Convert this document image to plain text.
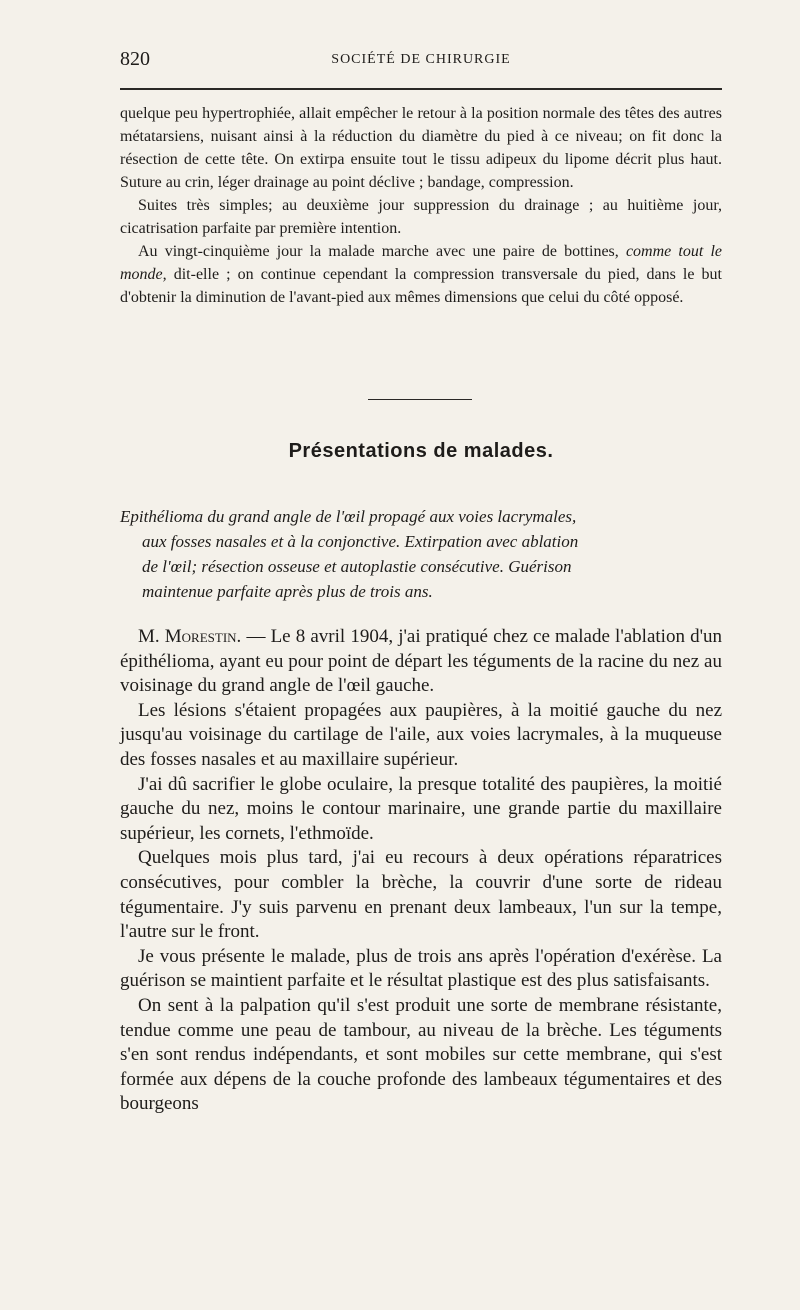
820	SOCIÉTÉ DE CHIRURGIE

quelque peu hypertrophiée, allait empêcher le retour à la position normale des têtes des autres métatarsiens, nuisant ainsi à la réduction du diamètre du pied à ce niveau; on fit donc la résection de cette tête. On extirpa ensuite tout le tissu adipeux du lipome décrit plus haut. Suture au crin, léger drainage au point déclive ; bandage, compression.

Suites très simples; au deuxième jour suppression du drainage ; au huitième jour, cicatrisation parfaite par première intention.

Au vingt-cinquième jour la malade marche avec une paire de bottines, comme tout le monde, dit-elle ; on continue cependant la compression transversale du pied, dans le but d'obtenir la diminution de l'avant-pied aux mêmes dimensions que celui du côté opposé.

Présentations de malades.
Epithélioma du grand angle de l'œil propagé aux voies lacrymales,
aux fosses nasales et à la conjonctive. Extirpation avec ablation
de l'œil; résection osseuse et autoplastie consécutive. Guérison
maintenue parfaite après plus de trois ans.

M. Morestin. — Le 8 avril 1904, j'ai pratiqué chez ce malade l'ablation d'un épithélioma, ayant eu pour point de départ les téguments de la racine du nez au voisinage du grand angle de l'œil gauche.

Les lésions s'étaient propagées aux paupières, à la moitié gauche du nez jusqu'au voisinage du cartilage de l'aile, aux voies lacrymales, à la muqueuse des fosses nasales et au maxillaire supérieur.

J'ai dû sacrifier le globe oculaire, la presque totalité des paupières, la moitié gauche du nez, moins le contour marinaire, une grande partie du maxillaire supérieur, les cornets, l'ethmoïde.

Quelques mois plus tard, j'ai eu recours à deux opérations réparatrices consécutives, pour combler la brèche, la couvrir d'une sorte de rideau tégumentaire. J'y suis parvenu en prenant deux lambeaux, l'un sur la tempe, l'autre sur le front.

Je vous présente le malade, plus de trois ans après l'opération d'exérèse. La guérison se maintient parfaite et le résultat plastique est des plus satisfaisants.

On sent à la palpation qu'il s'est produit une sorte de membrane résistante, tendue comme une peau de tambour, au niveau de la brèche. Les téguments s'en sont rendus indépendants, et sont mobiles sur cette membrane, qui s'est formée aux dépens de la couche profonde des lambeaux tégumentaires et des bourgeons
